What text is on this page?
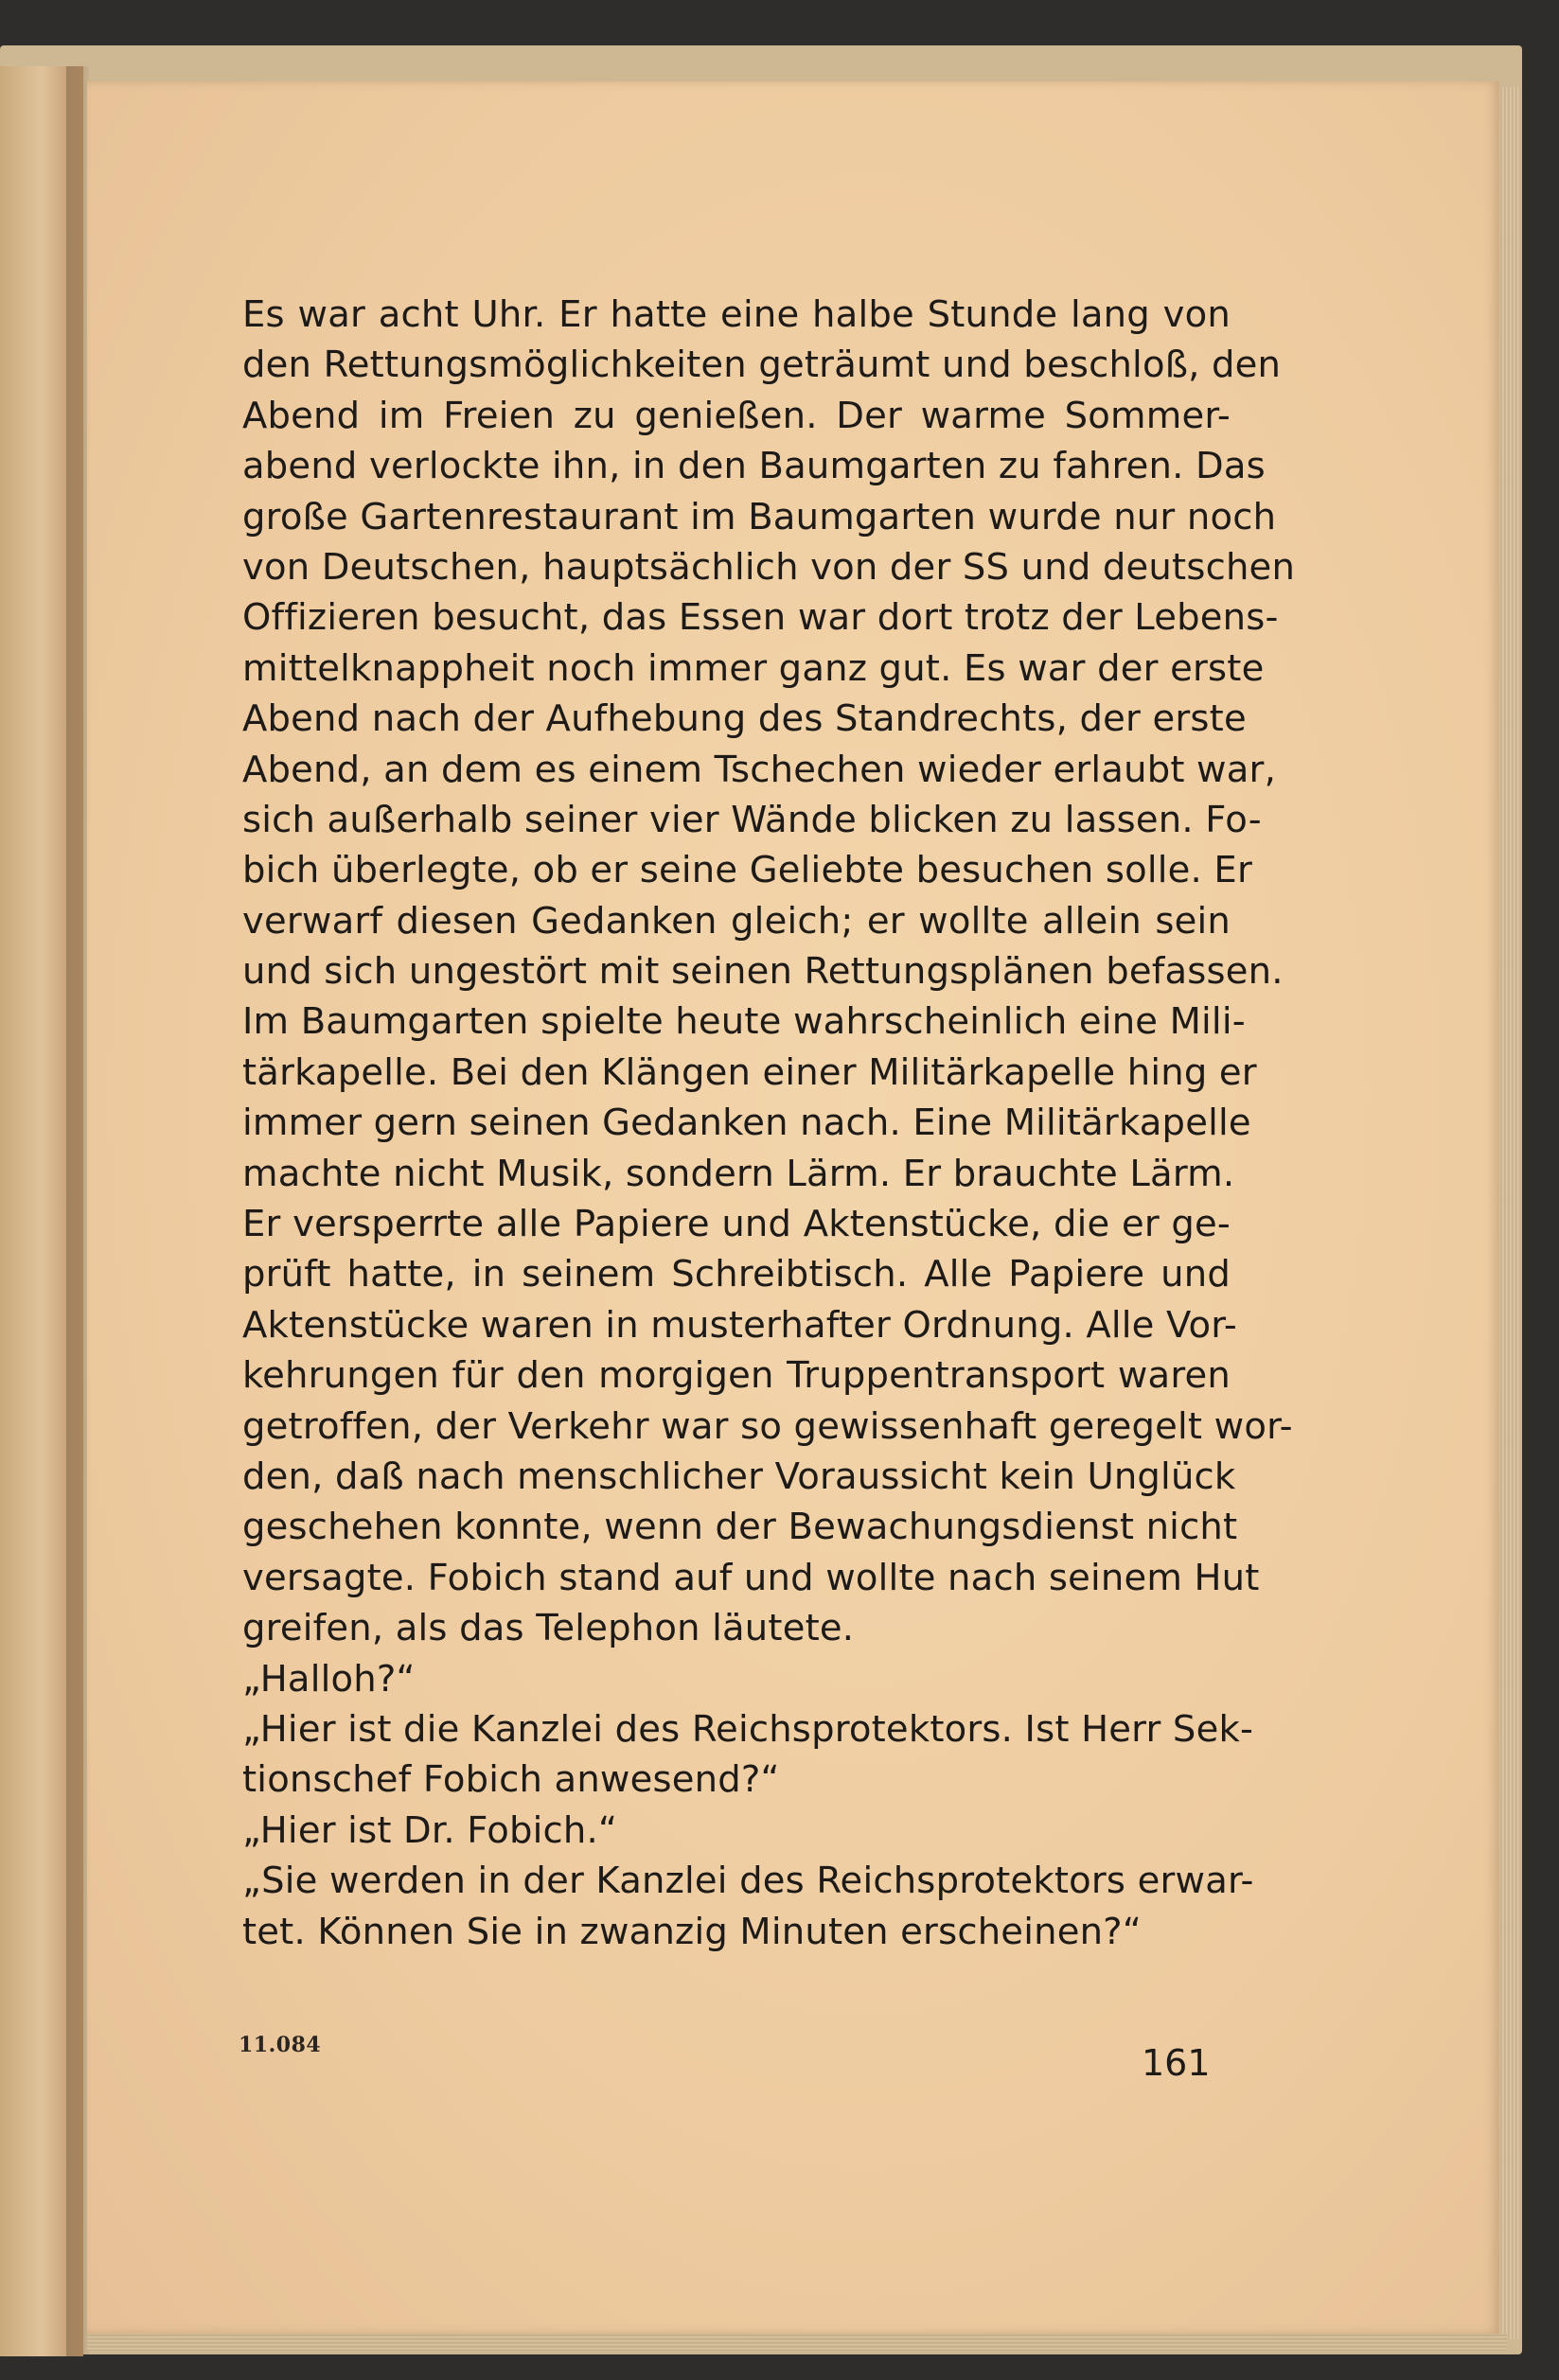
Es war acht Uhr. Er hatte eine halbe Stunde lang von
den Rettungsmöglichkeiten geträumt und beschloß, den
Abend im Freien zu genießen. Der warme Sommer-
abend verlockte ihn, in den Baumgarten zu fahren. Das
große Gartenrestaurant im Baumgarten wurde nur noch
von Deutschen, hauptsächlich von der SS und deutschen
Offizieren besucht, das Essen war dort trotz der Lebens-
mittelknappheit noch immer ganz gut. Es war der erste
Abend nach der Aufhebung des Standrechts, der erste
Abend, an dem es einem Tschechen wieder erlaubt war,
sich außerhalb seiner vier Wände blicken zu lassen. Fo-
bich überlegte, ob er seine Geliebte besuchen solle. Er
verwarf diesen Gedanken gleich; er wollte allein sein
und sich ungestört mit seinen Rettungsplänen befassen.
Im Baumgarten spielte heute wahrscheinlich eine Mili-
tärkapelle. Bei den Klängen einer Militärkapelle hing er
immer gern seinen Gedanken nach. Eine Militärkapelle
machte nicht Musik, sondern Lärm. Er brauchte Lärm.
Er versperrte alle Papiere und Aktenstücke, die er ge-
prüft hatte, in seinem Schreibtisch. Alle Papiere und
Aktenstücke waren in musterhafter Ordnung. Alle Vor-
kehrungen für den morgigen Truppentransport waren
getroffen, der Verkehr war so gewissenhaft geregelt wor-
den, daß nach menschlicher Voraussicht kein Unglück
geschehen konnte, wenn der Bewachungsdienst nicht
versagte. Fobich stand auf und wollte nach seinem Hut
greifen, als das Telephon läutete.
„Halloh?“
„Hier ist die Kanzlei des Reichsprotektors. Ist Herr Sek-
tionschef Fobich anwesend?“
„Hier ist Dr. Fobich.“
„Sie werden in der Kanzlei des Reichsprotektors erwar-
tet. Können Sie in zwanzig Minuten erscheinen?“
11.084	161
